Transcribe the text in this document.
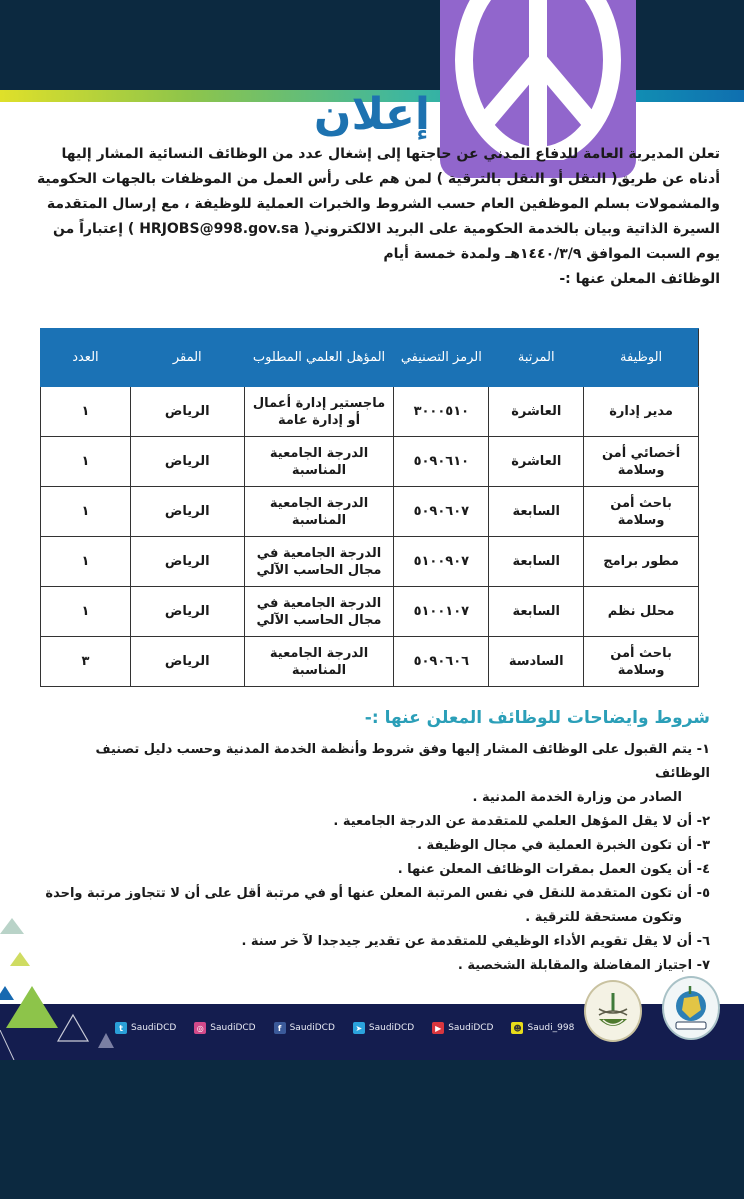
إعلان

تعلن المديرية العامة للدفاع المدني عن حاجتها إلى إشغال عدد من الوظائف النسائية المشار إليها

أدناه عن طريق( النقل أو النقل بالترقية ) لمن هم على رأس العمل من الموظفات بالجهات الحكومية

والمشمولات بسلم الموظفين العام حسب الشروط والخبرات العملية للوظيفة ، مع إرسال المتقدمة

السيرة الذاتية وبيان بالخدمة الحكومية على البريد الالكتروني( HRJOBS@998.gov.sa ) إعتباراً من

يوم السبت الموافق ١٤٤٠/٣/٩هـ ولمدة خمسة أيام

الوظائف المعلن عنها :-

الوظيفة	المرتبة	الرمز التصنيفي	المؤهل العلمي المطلوب	المقر	العدد
مدير إدارة	العاشرة	٣٠٠٠٥١٠	ماجستير إدارة أعمال أو إدارة عامة	الرياض	١
أخصائي أمن وسلامة	العاشرة	٥٠٩٠٦١٠	الدرجة الجامعية المناسبة	الرياض	١
باحث أمن وسلامة	السابعة	٥٠٩٠٦٠٧	الدرجة الجامعية المناسبة	الرياض	١
مطور برامج	السابعة	٥١٠٠٩٠٧	الدرجة الجامعية في مجال الحاسب الآلي	الرياض	١
محلل نظم	السابعة	٥١٠٠١٠٧	الدرجة الجامعية في مجال الحاسب الآلي	الرياض	١
باحث أمن وسلامة	السادسة	٥٠٩٠٦٠٦	الدرجة الجامعية المناسبة	الرياض	٣
شروط وايضاحات للوظائف المعلن عنها :-
١- يتم القبول على الوظائف المشار إليها وفق شروط وأنظمة الخدمة المدنية وحسب دليل تصنيف الوظائف
الصادر من وزارة الخدمة المدنية .
٢- أن لا يقل المؤهل العلمي للمتقدمة عن الدرجة الجامعية .
٣- أن تكون الخبرة العملية في مجال الوظيفة .
٤- أن يكون العمل بمقرات الوظائف المعلن عنها .
٥- أن تكون المتقدمة للنقل في نفس المرتبة المعلن عنها أو في مرتبة أقل على أن لا تتجاوز مرتبة واحدة
وتكون مستحقة للترقية .
٦- أن لا يقل تقويم الأداء الوظيفي للمتقدمة عن تقدير جيدجدا لآ خر سنة .
٧- اجتياز المفاضلة والمقابلة الشخصية .
t SaudiDCD	◎ SaudiDCD	f SaudiDCD	➤ SaudiDCD	▶ SaudiDCD ☻ Saudi_998
